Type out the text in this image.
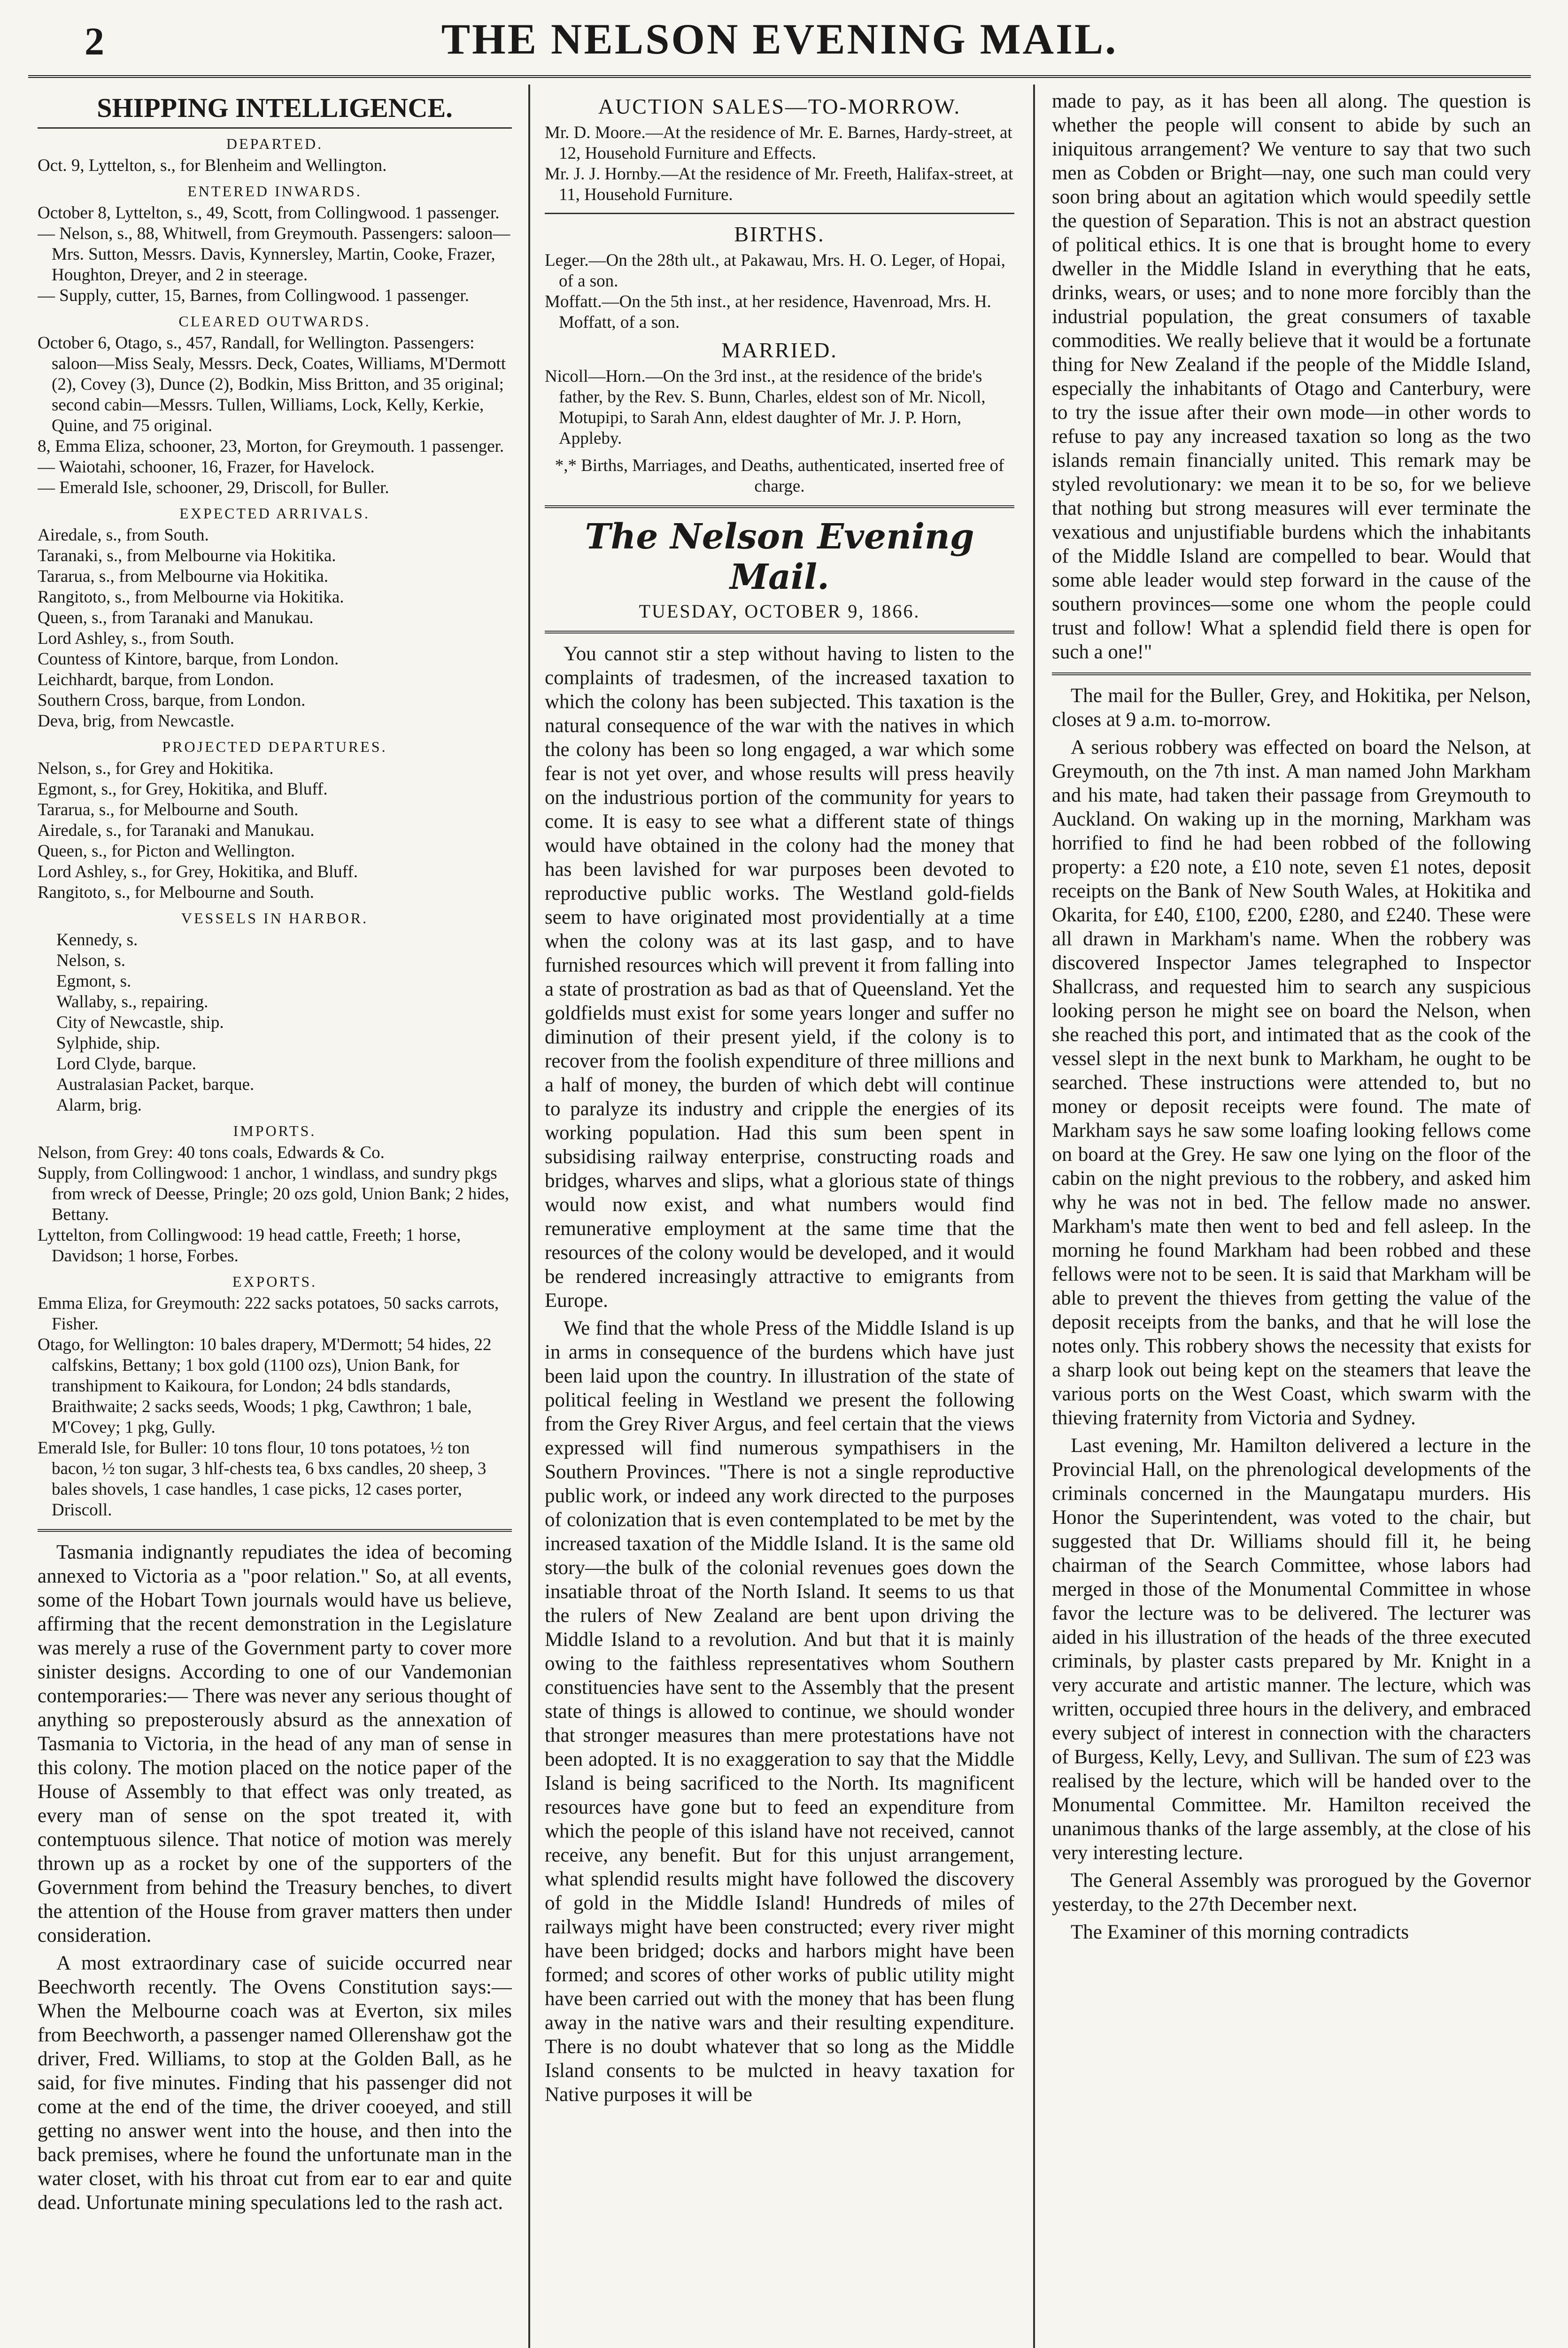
2	THE NELSON EVENING MAIL.
SHIPPING INTELLIGENCE.
DEPARTED.

Oct. 9, Lyttelton, s., for Blenheim and Wellington.

ENTERED INWARDS.

October 8, Lyttelton, s., 49, Scott, from Collingwood. 1 passenger.

— Nelson, s., 88, Whitwell, from Greymouth. Passengers: saloon—Mrs. Sutton, Messrs. Davis, Kynnersley, Martin, Cooke, Frazer, Houghton, Dreyer, and 2 in steerage.

— Supply, cutter, 15, Barnes, from Collingwood. 1 passenger.

CLEARED OUTWARDS.

October 6, Otago, s., 457, Randall, for Wellington. Passengers: saloon—Miss Sealy, Messrs. Deck, Coates, Williams, M'Dermott (2), Covey (3), Dunce (2), Bodkin, Miss Britton, and 35 original; second cabin—Messrs. Tullen, Williams, Lock, Kelly, Kerkie, Quine, and 75 original.

8, Emma Eliza, schooner, 23, Morton, for Greymouth. 1 passenger.

— Waiotahi, schooner, 16, Frazer, for Havelock.

— Emerald Isle, schooner, 29, Driscoll, for Buller.

EXPECTED ARRIVALS.

Airedale, s., from South.

Taranaki, s., from Melbourne via Hokitika.

Tararua, s., from Melbourne via Hokitika.

Rangitoto, s., from Melbourne via Hokitika.

Queen, s., from Taranaki and Manukau.

Lord Ashley, s., from South.

Countess of Kintore, barque, from London.

Leichhardt, barque, from London.

Southern Cross, barque, from London.

Deva, brig, from Newcastle.

PROJECTED DEPARTURES.

Nelson, s., for Grey and Hokitika.

Egmont, s., for Grey, Hokitika, and Bluff.

Tararua, s., for Melbourne and South.

Airedale, s., for Taranaki and Manukau.

Queen, s., for Picton and Wellington.

Lord Ashley, s., for Grey, Hokitika, and Bluff.

Rangitoto, s., for Melbourne and South.

VESSELS IN HARBOR.

Kennedy, s.

Nelson, s.

Egmont, s.

Wallaby, s., repairing.

City of Newcastle, ship.

Sylphide, ship.

Lord Clyde, barque.

Australasian Packet, barque.

Alarm, brig.

IMPORTS.

Nelson, from Grey: 40 tons coals, Edwards & Co.

Supply, from Collingwood: 1 anchor, 1 windlass, and sundry pkgs from wreck of Deesse, Pringle; 20 ozs gold, Union Bank; 2 hides, Bettany.

Lyttelton, from Collingwood: 19 head cattle, Freeth; 1 horse, Davidson; 1 horse, Forbes.

EXPORTS.

Emma Eliza, for Greymouth: 222 sacks potatoes, 50 sacks carrots, Fisher.

Otago, for Wellington: 10 bales drapery, M'Dermott; 54 hides, 22 calfskins, Bettany; 1 box gold (1100 ozs), Union Bank, for transhipment to Kaikoura, for London; 24 bdls standards, Braithwaite; 2 sacks seeds, Woods; 1 pkg, Cawthron; 1 bale, M'Covey; 1 pkg, Gully.

Emerald Isle, for Buller: 10 tons flour, 10 tons potatoes, ½ ton bacon, ½ ton sugar, 3 hlf-chests tea, 6 bxs candles, 20 sheep, 3 bales shovels, 1 case handles, 1 case picks, 12 cases porter, Driscoll.

Tasmania indignantly repudiates the idea of becoming annexed to Victoria as a "poor relation." So, at all events, some of the Hobart Town journals would have us believe, affirming that the recent demonstration in the Legislature was merely a ruse of the Government party to cover more sinister designs. According to one of our Vandemonian contemporaries:— There was never any serious thought of anything so preposterously absurd as the annexation of Tasmania to Victoria, in the head of any man of sense in this colony. The motion placed on the notice paper of the House of Assembly to that effect was only treated, as every man of sense on the spot treated it, with contemptuous silence. That notice of motion was merely thrown up as a rocket by one of the supporters of the Government from behind the Treasury benches, to divert the attention of the House from graver matters then under consideration.

A most extraordinary case of suicide occurred near Beechworth recently. The Ovens Constitution says:—When the Melbourne coach was at Everton, six miles from Beechworth, a passenger named Ollerenshaw got the driver, Fred. Williams, to stop at the Golden Ball, as he said, for five minutes. Finding that his passenger did not come at the end of the time, the driver cooeyed, and still getting no answer went into the house, and then into the back premises, where he found the unfortunate man in the water closet, with his throat cut from ear to ear and quite dead. Unfortunate mining speculations led to the rash act.

AUCTION SALES—TO-MORROW.

Mr. D. Moore.—At the residence of Mr. E. Barnes, Hardy-street, at 12, Household Furniture and Effects.

Mr. J. J. Hornby.—At the residence of Mr. Freeth, Halifax-street, at 11, Household Furniture.

BIRTHS.

Leger.—On the 28th ult., at Pakawau, Mrs. H. O. Leger, of Hopai, of a son.

Moffatt.—On the 5th inst., at her residence, Havenroad, Mrs. H. Moffatt, of a son.

MARRIED.

Nicoll—Horn.—On the 3rd inst., at the residence of the bride's father, by the Rev. S. Bunn, Charles, eldest son of Mr. Nicoll, Motupipi, to Sarah Ann, eldest daughter of Mr. J. P. Horn, Appleby.

*,* Births, Marriages, and Deaths, authenticated, inserted free of charge.

The Nelson Evening Mail.
TUESDAY, OCTOBER 9, 1866.

You cannot stir a step without having to listen to the complaints of tradesmen, of the increased taxation to which the colony has been subjected. This taxation is the natural consequence of the war with the natives in which the colony has been so long engaged, a war which some fear is not yet over, and whose results will press heavily on the industrious portion of the community for years to come. It is easy to see what a different state of things would have obtained in the colony had the money that has been lavished for war purposes been devoted to reproductive public works. The Westland gold-fields seem to have originated most providentially at a time when the colony was at its last gasp, and to have furnished resources which will prevent it from falling into a state of prostration as bad as that of Queensland. Yet the goldfields must exist for some years longer and suffer no diminution of their present yield, if the colony is to recover from the foolish expenditure of three millions and a half of money, the burden of which debt will continue to paralyze its industry and cripple the energies of its working population. Had this sum been spent in subsidising railway enterprise, constructing roads and bridges, wharves and slips, what a glorious state of things would now exist, and what numbers would find remunerative employment at the same time that the resources of the colony would be developed, and it would be rendered increasingly attractive to emigrants from Europe.

We find that the whole Press of the Middle Island is up in arms in consequence of the burdens which have just been laid upon the country. In illustration of the state of political feeling in Westland we present the following from the Grey River Argus, and feel certain that the views expressed will find numerous sympathisers in the Southern Provinces. "There is not a single reproductive public work, or indeed any work directed to the purposes of colonization that is even contemplated to be met by the increased taxation of the Middle Island. It is the same old story—the bulk of the colonial revenues goes down the insatiable throat of the North Island. It seems to us that the rulers of New Zealand are bent upon driving the Middle Island to a revolution. And but that it is mainly owing to the faithless representatives whom Southern constituencies have sent to the Assembly that the present state of things is allowed to continue, we should wonder that stronger measures than mere protestations have not been adopted. It is no exaggeration to say that the Middle Island is being sacrificed to the North. Its magnificent resources have gone but to feed an expenditure from which the people of this island have not received, cannot receive, any benefit. But for this unjust arrangement, what splendid results might have followed the discovery of gold in the Middle Island! Hundreds of miles of railways might have been constructed; every river might have been bridged; docks and harbors might have been formed; and scores of other works of public utility might have been carried out with the money that has been flung away in the native wars and their resulting expenditure. There is no doubt whatever that so long as the Middle Island consents to be mulcted in heavy taxation for Native purposes it will be

made to pay, as it has been all along. The question is whether the people will consent to abide by such an iniquitous arrangement? We venture to say that two such men as Cobden or Bright—nay, one such man could very soon bring about an agitation which would speedily settle the question of Separation. This is not an abstract question of political ethics. It is one that is brought home to every dweller in the Middle Island in everything that he eats, drinks, wears, or uses; and to none more forcibly than the industrial population, the great consumers of taxable commodities. We really believe that it would be a fortunate thing for New Zealand if the people of the Middle Island, especially the inhabitants of Otago and Canterbury, were to try the issue after their own mode—in other words to refuse to pay any increased taxation so long as the two islands remain financially united. This remark may be styled revolutionary: we mean it to be so, for we believe that nothing but strong measures will ever terminate the vexatious and unjustifiable burdens which the inhabitants of the Middle Island are compelled to bear. Would that some able leader would step forward in the cause of the southern provinces—some one whom the people could trust and follow! What a splendid field there is open for such a one!"

The mail for the Buller, Grey, and Hokitika, per Nelson, closes at 9 a.m. to-morrow.

A serious robbery was effected on board the Nelson, at Greymouth, on the 7th inst. A man named John Markham and his mate, had taken their passage from Greymouth to Auckland. On waking up in the morning, Markham was horrified to find he had been robbed of the following property: a £20 note, a £10 note, seven £1 notes, deposit receipts on the Bank of New South Wales, at Hokitika and Okarita, for £40, £100, £200, £280, and £240. These were all drawn in Markham's name. When the robbery was discovered Inspector James telegraphed to Inspector Shallcrass, and requested him to search any suspicious looking person he might see on board the Nelson, when she reached this port, and intimated that as the cook of the vessel slept in the next bunk to Markham, he ought to be searched. These instructions were attended to, but no money or deposit receipts were found. The mate of Markham says he saw some loafing looking fellows come on board at the Grey. He saw one lying on the floor of the cabin on the night previous to the robbery, and asked him why he was not in bed. The fellow made no answer. Markham's mate then went to bed and fell asleep. In the morning he found Markham had been robbed and these fellows were not to be seen. It is said that Markham will be able to prevent the thieves from getting the value of the deposit receipts from the banks, and that he will lose the notes only. This robbery shows the necessity that exists for a sharp look out being kept on the steamers that leave the various ports on the West Coast, which swarm with the thieving fraternity from Victoria and Sydney.

Last evening, Mr. Hamilton delivered a lecture in the Provincial Hall, on the phrenological developments of the criminals concerned in the Maungatapu murders. His Honor the Superintendent, was voted to the chair, but suggested that Dr. Williams should fill it, he being chairman of the Search Committee, whose labors had merged in those of the Monumental Committee in whose favor the lecture was to be delivered. The lecturer was aided in his illustration of the heads of the three executed criminals, by plaster casts prepared by Mr. Knight in a very accurate and artistic manner. The lecture, which was written, occupied three hours in the delivery, and embraced every subject of interest in connection with the characters of Burgess, Kelly, Levy, and Sullivan. The sum of £23 was realised by the lecture, which will be handed over to the Monumental Committee. Mr. Hamilton received the unanimous thanks of the large assembly, at the close of his very interesting lecture.

The General Assembly was prorogued by the Governor yesterday, to the 27th December next.

The Examiner of this morning contradicts
